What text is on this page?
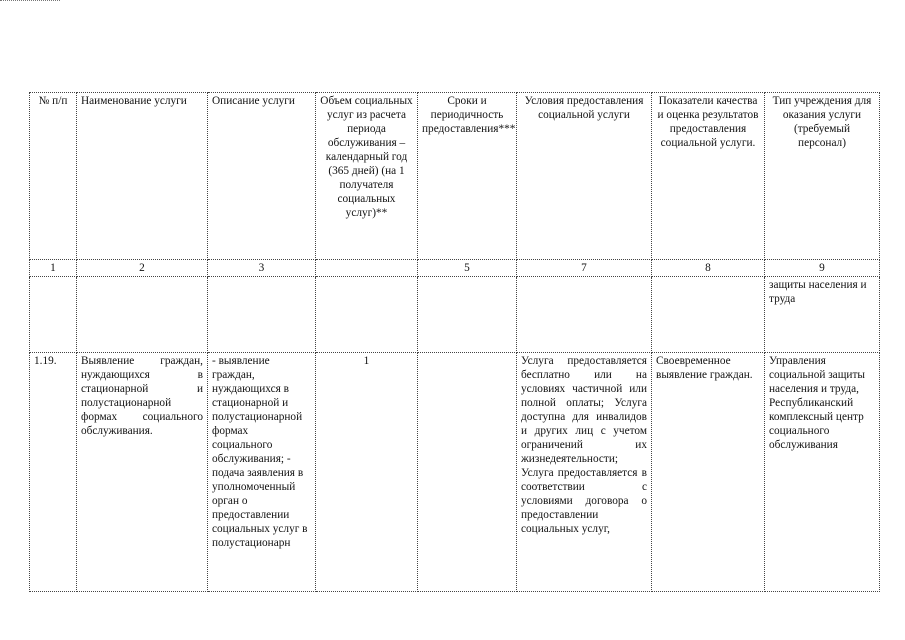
№ п/п	Наименование услуги	Описание услуги	Объем социальных услуг из расчета периода обслуживания – календарный год (365 дней) (на 1 получателя социальных услуг)**	Сроки и периодичность предоставления***	Условия предоставления социальной услуги	Показатели качества и оценка результатов предоставления социальной услуги.	Тип учреждения для оказания услуги (требуемый персонал)
1	2	3		5	7	8	9
							защиты населения и труда
1.19.	Выявление граждан, нуждающихся в стационарной и полустационарной формах социального обслуживания.	- выявление граждан, нуждающихся в стационарной и полустационарной формах социального обслуживания; - подача заявления в уполномоченный орган о предоставлении социальных услуг в полустационарн	1		Услуга предоставляется бесплатно или на условиях частичной или полной оплаты; Услуга доступна для инвалидов и других лиц с учетом ограничений их жизнедеятельности; Услуга предоставляется в соответствии с условиями договора о предоставлении социальных услуг,	Своевременное выявление граждан.	Управления социальной защиты населения и труда, Республиканский комплексный центр социального обслуживания
